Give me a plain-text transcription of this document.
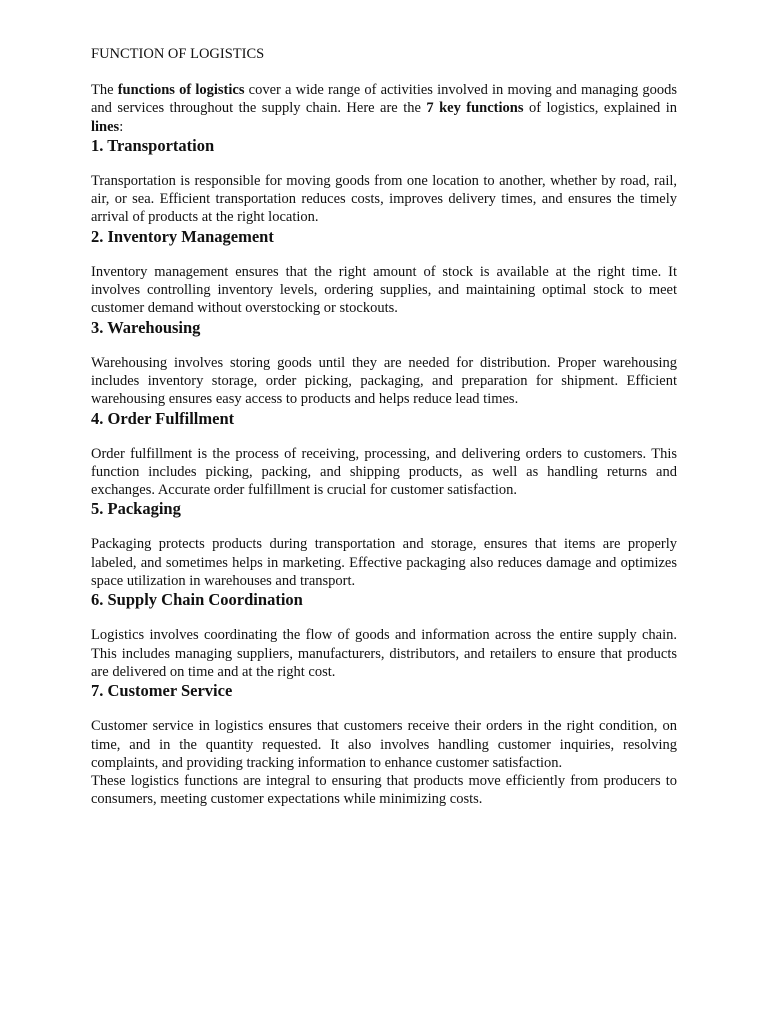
FUNCTION OF LOGISTICS

The functions of logistics cover a wide range of activities involved in moving and managing goods and services throughout the supply chain. Here are the 7 key functions of logistics, explained in lines:

1. Transportation

Transportation is responsible for moving goods from one location to another, whether by road, rail, air, or sea. Efficient transportation reduces costs, improves delivery times, and ensures the timely arrival of products at the right location.

2. Inventory Management

Inventory management ensures that the right amount of stock is available at the right time. It involves controlling inventory levels, ordering supplies, and maintaining optimal stock to meet customer demand without overstocking or stockouts.

3. Warehousing

Warehousing involves storing goods until they are needed for distribution. Proper warehousing includes inventory storage, order picking, packaging, and preparation for shipment. Efficient warehousing ensures easy access to products and helps reduce lead times.

4. Order Fulfillment

Order fulfillment is the process of receiving, processing, and delivering orders to customers. This function includes picking, packing, and shipping products, as well as handling returns and exchanges. Accurate order fulfillment is crucial for customer satisfaction.

5. Packaging

Packaging protects products during transportation and storage, ensures that items are properly labeled, and sometimes helps in marketing. Effective packaging also reduces damage and optimizes space utilization in warehouses and transport.

6. Supply Chain Coordination

Logistics involves coordinating the flow of goods and information across the entire supply chain. This includes managing suppliers, manufacturers, distributors, and retailers to ensure that products are delivered on time and at the right cost.

7. Customer Service

Customer service in logistics ensures that customers receive their orders in the right condition, on time, and in the quantity requested. It also involves handling customer inquiries, resolving complaints, and providing tracking information to enhance customer satisfaction.

These logistics functions are integral to ensuring that products move efficiently from producers to consumers, meeting customer expectations while minimizing costs.
